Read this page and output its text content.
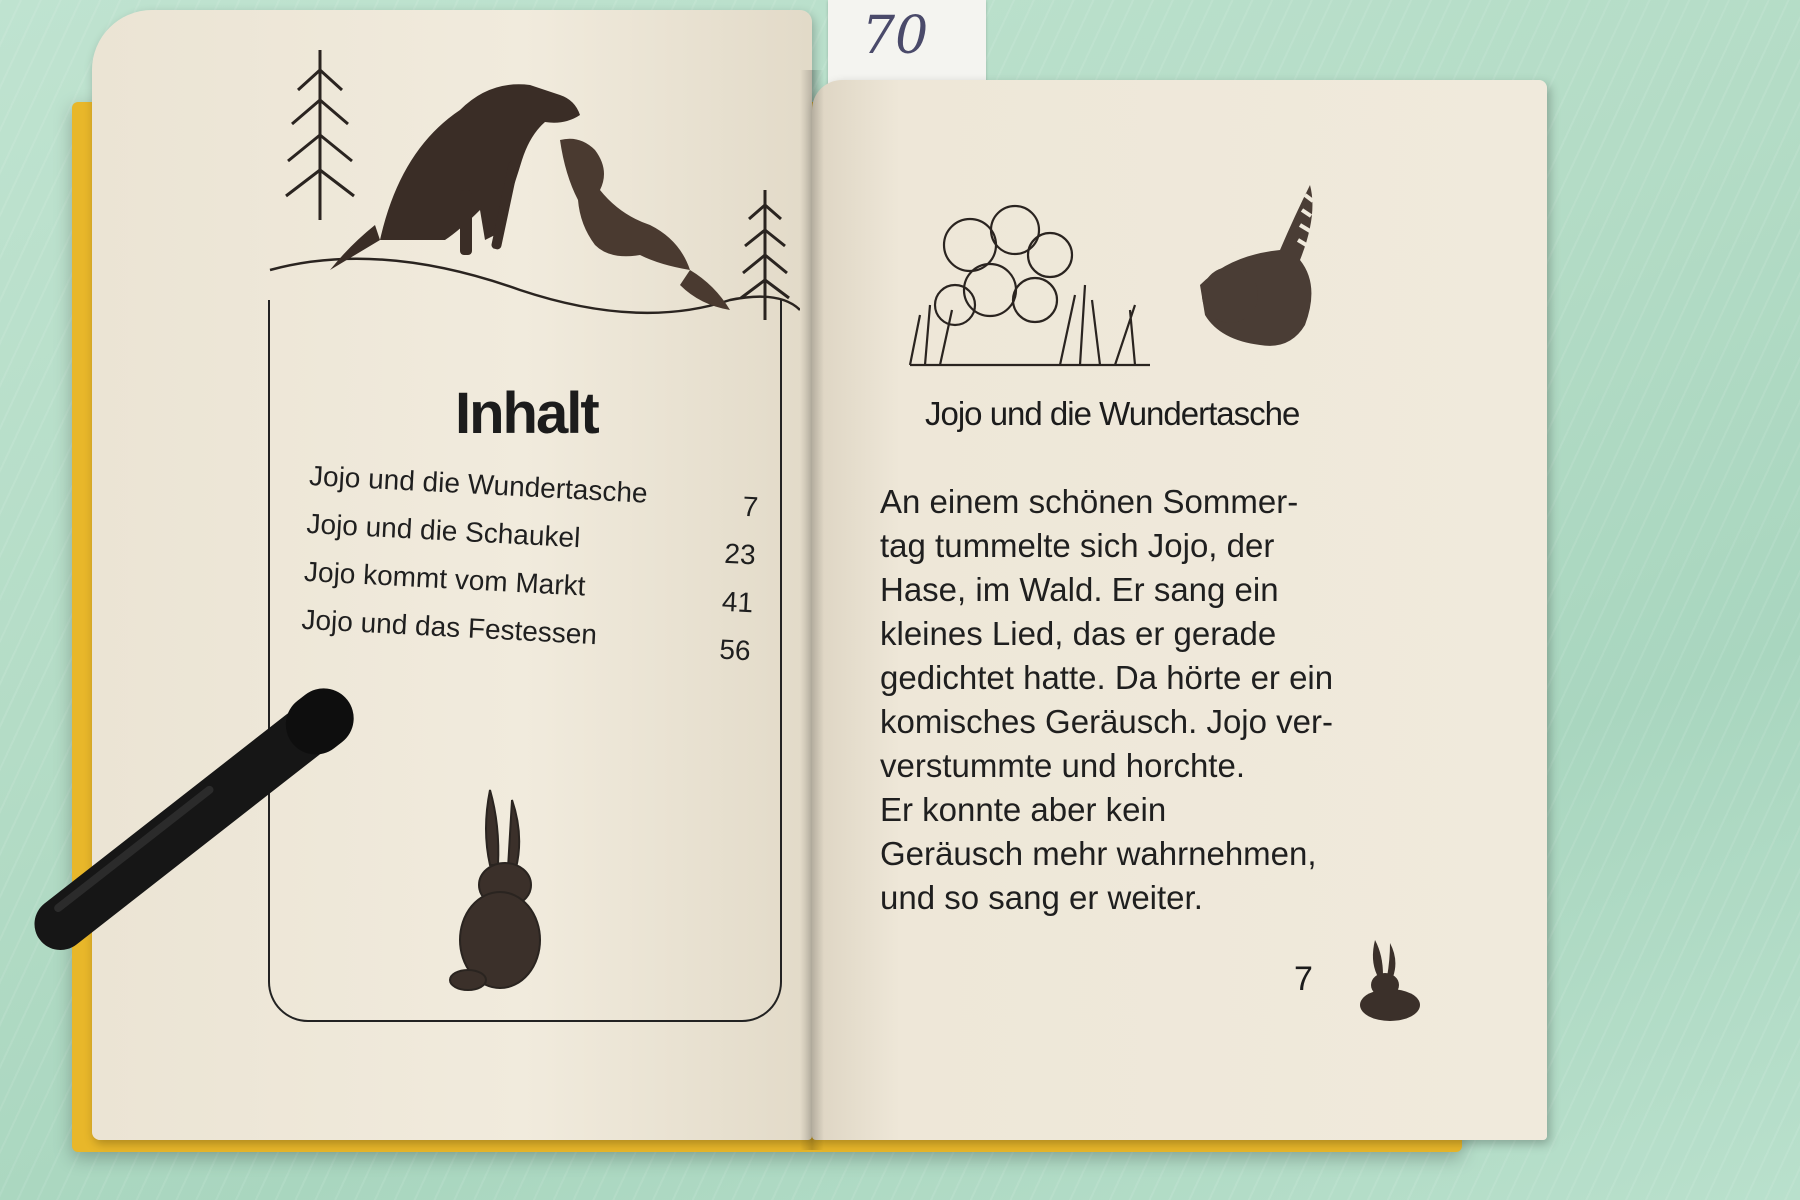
70
Inhalt
Jojo und die Wundertasche	7
Jojo und die Schaukel
23
Jojo kommt vom Markt
41
Jojo und das Festessen	56
Jojo und die Wundertasche
An einem schönen Sommer-
tag tummelte sich Jojo, der
Hase, im Wald. Er sang ein
kleines Lied, das er gerade
gedichtet hatte. Da hörte er ein
komisches Geräusch. Jojo ver-
verstummte und horchte.
Er konnte aber kein
Geräusch mehr wahrnehmen,
und so sang er weiter.
7
